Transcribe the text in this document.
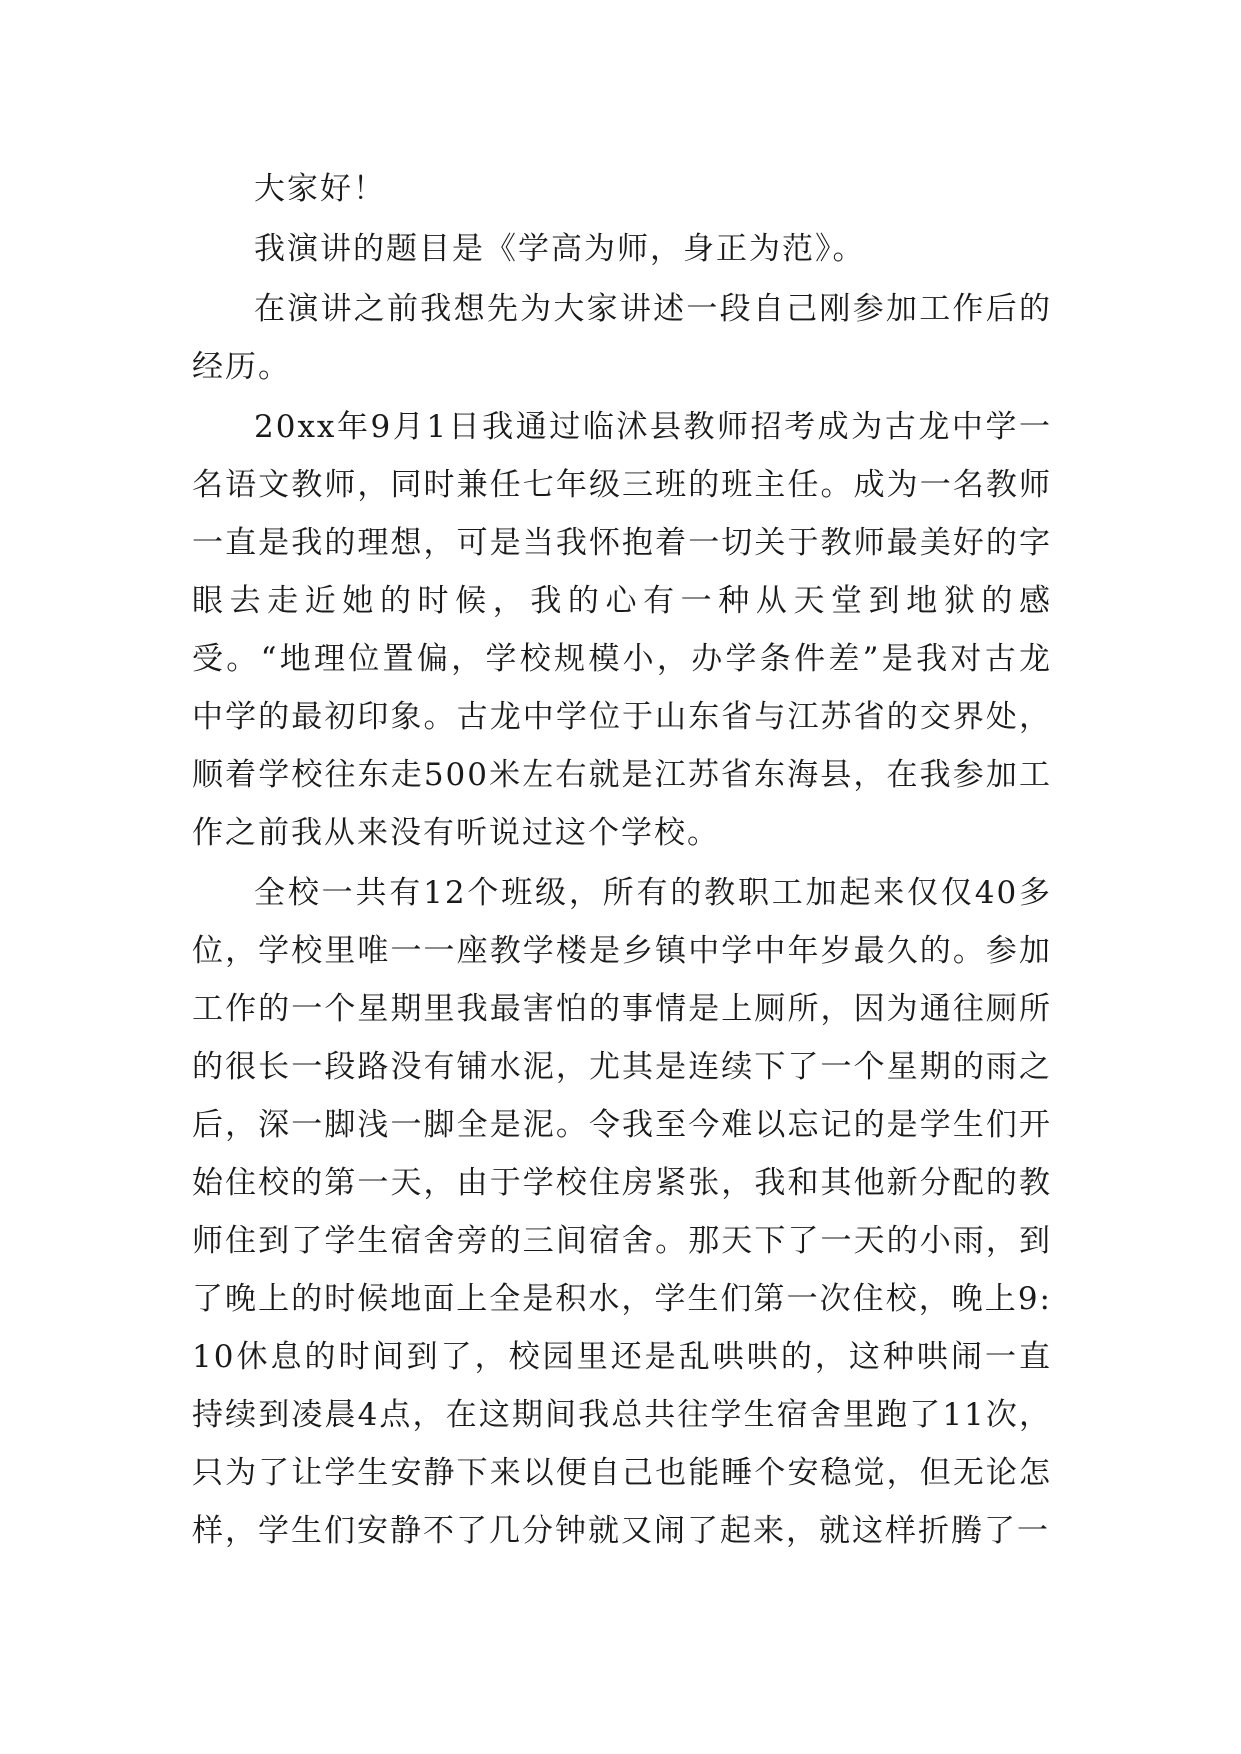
大家好！

我演讲的题目是《学高为师，身正为范》。

在演讲之前我想先为大家讲述一段自己刚参加工作后的经历。

20xx年9月1日我通过临沭县教师招考成为古龙中学一名语文教师，同时兼任七年级三班的班主任。成为一名教师一直是我的理想，可是当我怀抱着一切关于教师最美好的字眼去走近她的时候，我的心有一种从天堂到地狱的感受。“地理位置偏，学校规模小，办学条件差”是我对古龙中学的最初印象。古龙中学位于山东省与江苏省的交界处，顺着学校往东走500米左右就是江苏省东海县，在我参加工作之前我从来没有听说过这个学校。

全校一共有12个班级，所有的教职工加起来仅仅40多位，学校里唯一一座教学楼是乡镇中学中年岁最久的。参加工作的一个星期里我最害怕的事情是上厕所，因为通往厕所的很长一段路没有铺水泥，尤其是连续下了一个星期的雨之后，深一脚浅一脚全是泥。令我至今难以忘记的是学生们开始住校的第一天，由于学校住房紧张，我和其他新分配的教师住到了学生宿舍旁的三间宿舍。那天下了一天的小雨，到了晚上的时候地面上全是积水，学生们第一次住校，晚上9:10休息的时间到了，校园里还是乱哄哄的，这种哄闹一直持续到凌晨4点，在这期间我总共往学生宿舍里跑了11次，只为了让学生安静下来以便自己也能睡个安稳觉，但无论怎样，学生们安静不了几分钟就又闹了起来，就这样折腾了一
